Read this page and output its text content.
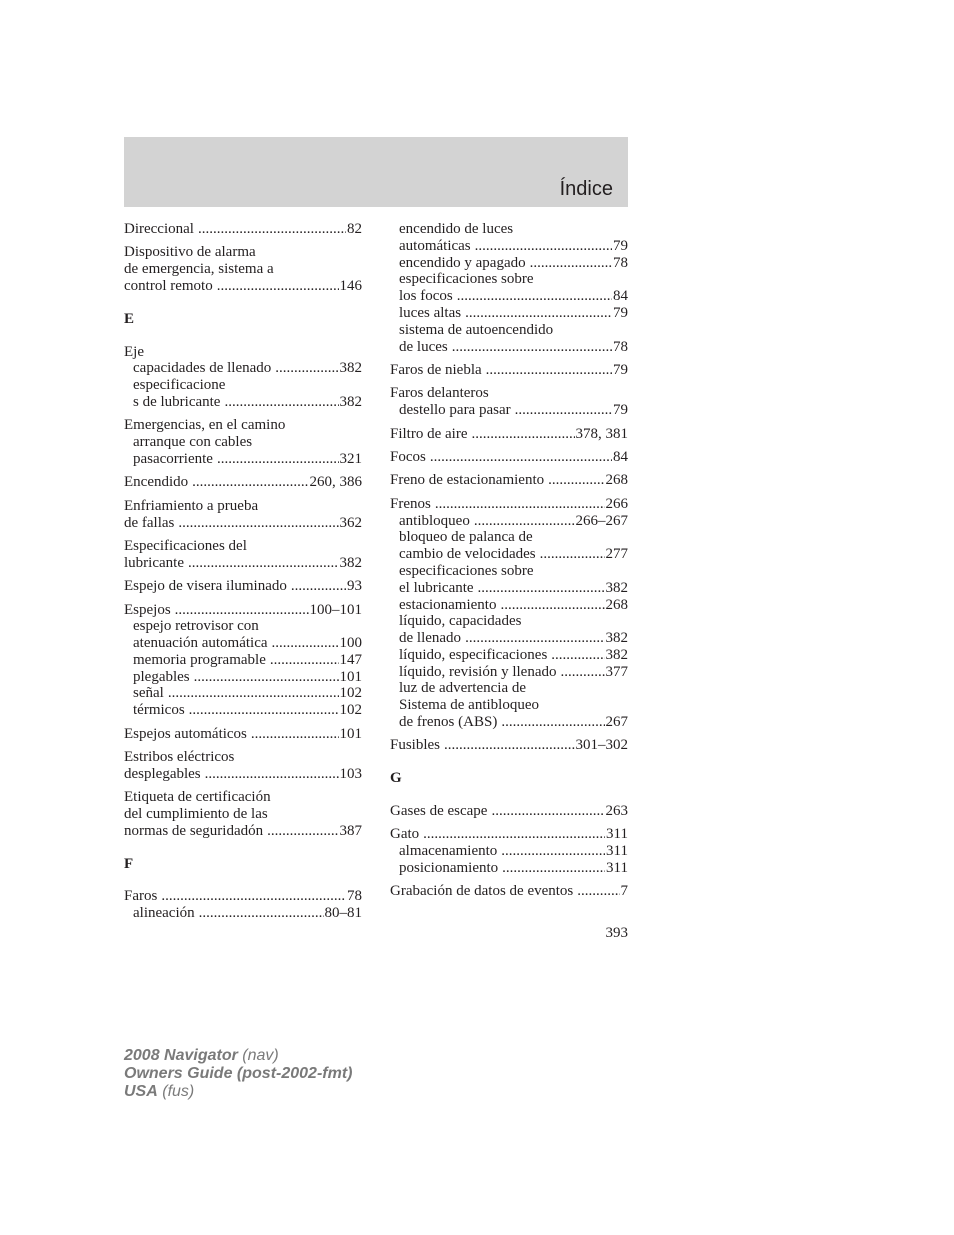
Índice
Direccional .....	82
Dispositivo de alarma
de emergencia, sistema a
control remoto .....	146
E
Eje
capacidades de llenado .....	382
especificacione
s de lubricante .....	382
Emergencias, en el camino
arranque con cables
pasacorriente .....	321
Encendido .....	260, 386
Enfriamiento a prueba
de fallas .....	362
Especificaciones del
lubricante .....	382
Espejo de visera iluminado .....	93
Espejos .....	100–101
espejo retrovisor con
atenuación automática .....	100
memoria programable .....	147
plegables .....	101
señal .....	102
térmicos .....	102
Espejos automáticos .....	101
Estribos eléctricos
desplegables .....	103
Etiqueta de certificación
del cumplimiento de las
normas de seguridadón .....	387
F
Faros .....	78
alineación .....	80–81
encendido de luces
automáticas .....	79
encendido y apagado .....	78
especificaciones sobre
los focos .....	84
luces altas .....	79
sistema de autoencendido
de luces .....	78
Faros de niebla .....	79
Faros delanteros
destello para pasar .....	79
Filtro de aire .....	378, 381
Focos .....	84
Freno de estacionamiento .....	268
Frenos .....	266
antibloqueo .....	266–267
bloqueo de palanca de
cambio de velocidades .....	277
especificaciones sobre
el lubricante .....	382
estacionamiento .....	268
líquido, capacidades
de llenado .....	382
líquido, especificaciones .....	382
líquido, revisión y llenado .....	377
luz de advertencia de
Sistema de antibloqueo
de frenos (ABS) .....	267
Fusibles .....	301–302
G
Gases de escape .....	263
Gato .....	311
almacenamiento .....	311
posicionamiento .....	311
Grabación de datos de eventos .....	7
393
2008 Navigator (nav)
Owners Guide (post-2002-fmt)
USA (fus)
